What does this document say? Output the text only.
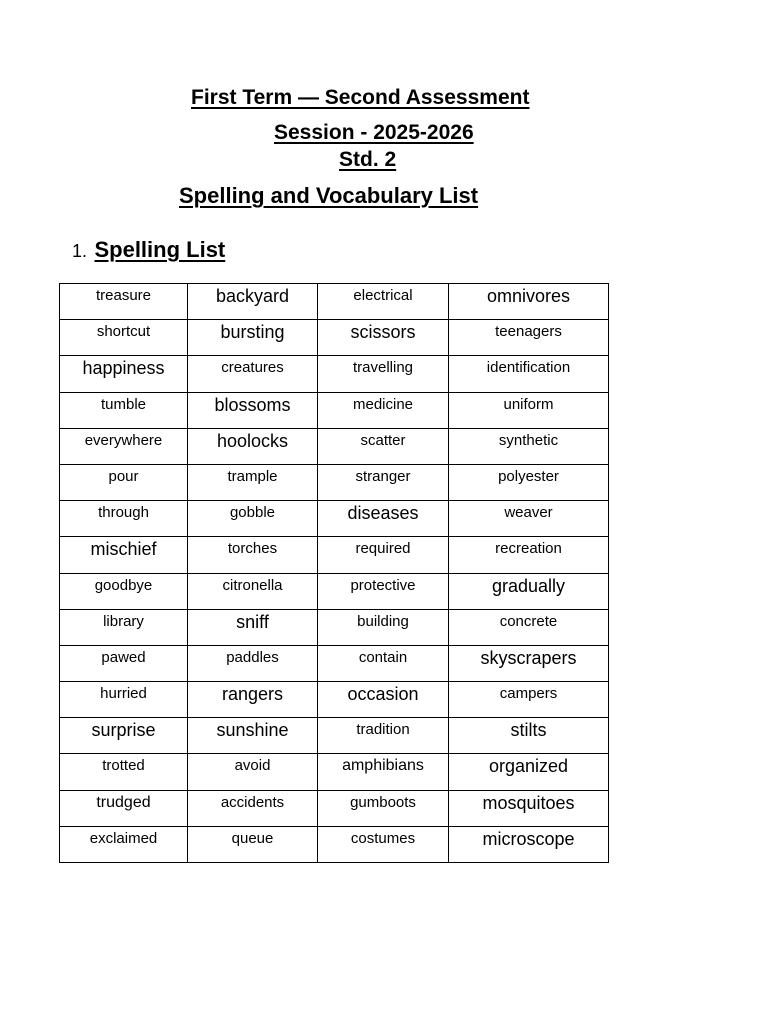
First Term — Second Assessment
Session - 2025-2026
Std. 2
Spelling and Vocabulary List
1. Spelling List
treasure	backyard	electrical	omnivores
shortcut	bursting	scissors	teenagers
happiness	creatures	travelling	identification
tumble	blossoms	medicine	uniform
everywhere	hoolocks	scatter	synthetic
pour	trample	stranger	polyester
through	gobble	diseases	weaver
mischief	torches	required	recreation
goodbye	citronella	protective	gradually
library	sniff	building	concrete
pawed	paddles	contain	skyscrapers
hurried	rangers	occasion	campers
surprise	sunshine	tradition	stilts
trotted	avoid	amphibians	organized
trudged	accidents	gumboots	mosquitoes
exclaimed	queue	costumes	microscope
